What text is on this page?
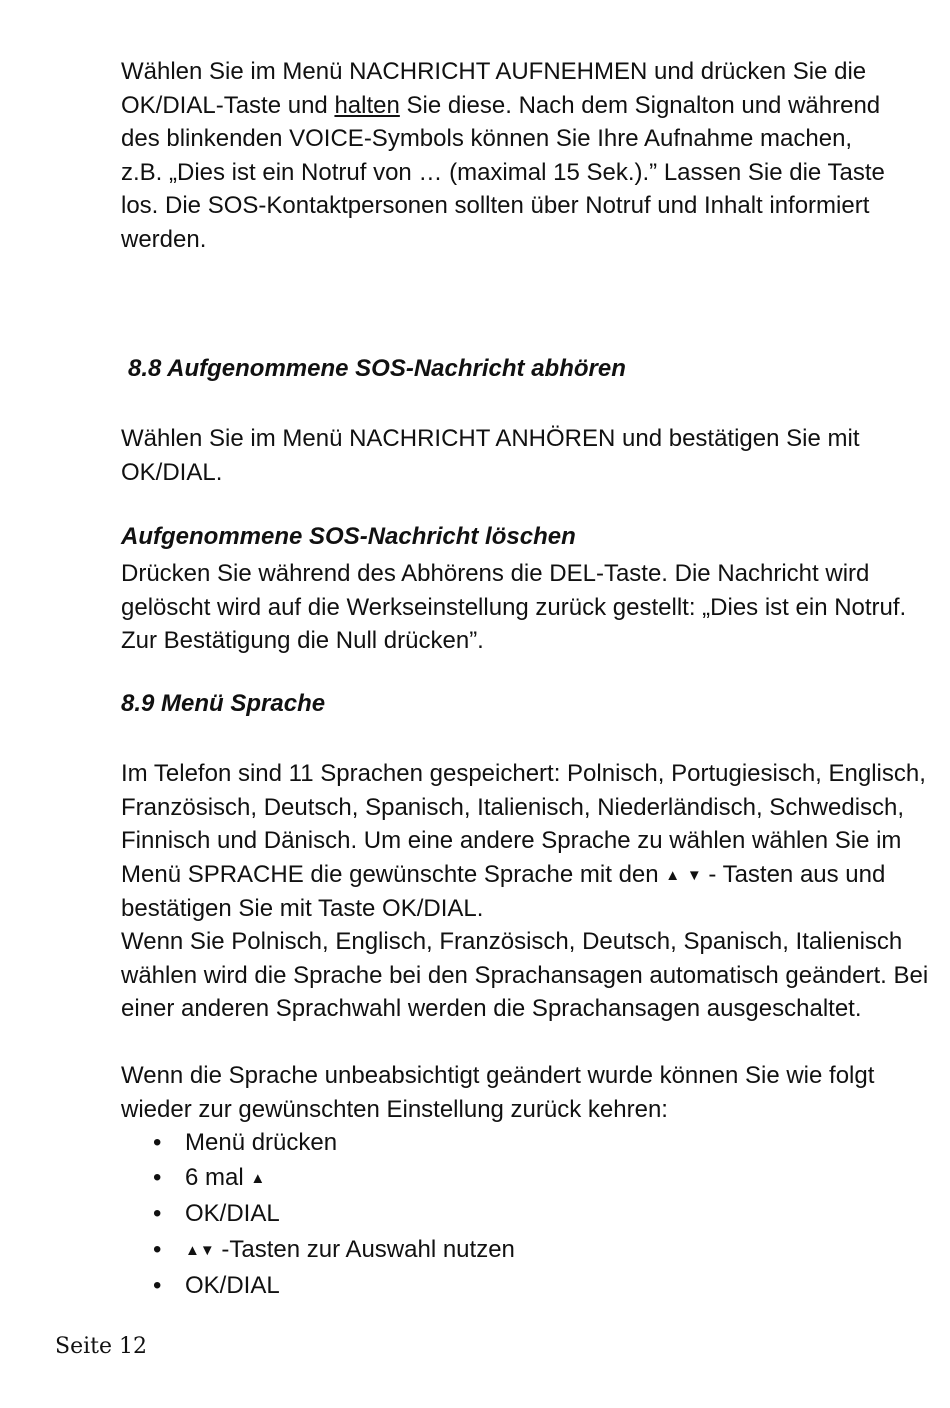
Wählen Sie im Menü NACHRICHT AUFNEHMEN und drücken Sie die
OK/DIAL-Taste und halten Sie diese. Nach dem Signalton und während
des blinkenden VOICE-Symbols können Sie Ihre Aufnahme machen,
z.B. „Dies ist ein Notruf von … (maximal 15 Sek.).” Lassen Sie die Taste
los. Die SOS-Kontaktpersonen sollten über Notruf und Inhalt informiert
werden.
8.8 Aufgenommene SOS-Nachricht abhören

Wählen Sie im Menü NACHRICHT ANHÖREN und bestätigen Sie mit OK/DIAL.

Aufgenommene SOS-Nachricht löschen

Drücken Sie während des Abhörens die DEL-Taste. Die Nachricht wird gelöscht wird auf die Werkseinstellung zurück gestellt: „Dies ist ein Notruf. Zur Bestätigung die Null drücken”.

8.9 Menü Sprache

Im Telefon sind 11 Sprachen gespeichert: Polnisch, Portugiesisch, Englisch, Französisch, Deutsch, Spanisch, Italienisch, Niederländisch, Schwedisch, Finnisch und Dänisch. Um eine andere Sprache zu wählen wählen Sie im Menü SPRACHE die gewünschte Sprache mit den ▲ ▼ - Tasten aus und bestätigen Sie mit Taste OK/DIAL.

Wenn Sie Polnisch, Englisch, Französisch, Deutsch, Spanisch, Italienisch wählen wird die Sprache bei den Sprachansagen automatisch geändert. Bei einer anderen Sprachwahl werden die Sprachansagen ausgeschaltet.

Wenn die Sprache unbeabsichtigt geändert wurde können Sie wie folgt wieder zur gewünschten Einstellung zurück kehren:

• Menü drücken
• 6 mal ▲
• OK/DIAL
• ▲▼ -Tasten zur Auswahl nutzen
• OK/DIAL
Seite 12
